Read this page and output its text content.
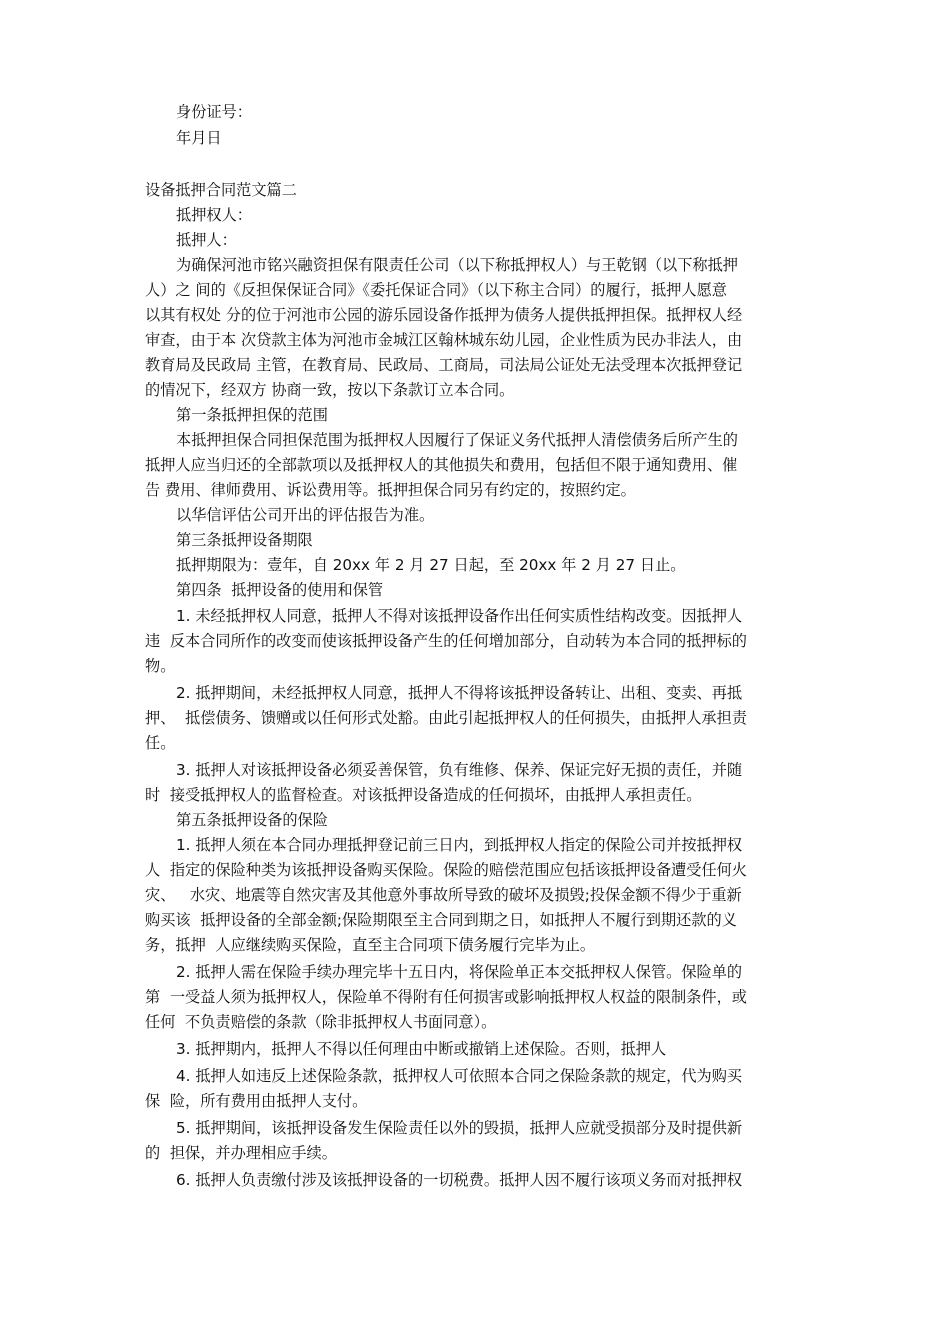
身份证号：
年月日
设备抵押合同范文篇二
抵押权人：
抵押人：
为确保河池市铭兴融资担保有限责任公司（以下称抵押权人）与王乾钢（以下称抵押
人）之 间的《反担保保证合同》《委托保证合同》（以下称主合同）的履行，抵押人愿意
以其有权处 分的位于河池市公园的游乐园设备作抵押为债务人提供抵押担保。抵押权人经
审查，由于本 次贷款主体为河池市金城江区翰林城东幼儿园，企业性质为民办非法人，由
教育局及民政局 主管，在教育局、民政局、工商局，司法局公证处无法受理本次抵押登记
的情况下，经双方 协商一致，按以下条款订立本合同。
第一条抵押担保的范围
本抵押担保合同担保范围为抵押权人因履行了保证义务代抵押人清偿债务后所产生的
抵押人应当归还的全部款项以及抵押权人的其他损失和费用，包括但不限于通知费用、催
告 费用、律师费用、诉讼费用等。抵押担保合同另有约定的，按照约定。
以华信评估公司开出的评估报告为准。
第三条抵押设备期限
抵押期限为：壹年，自 20xx 年 2 月 27 日起，至 20xx 年 2 月 27 日止。
第四条  抵押设备的使用和保管
1. 未经抵押权人同意，抵押人不得对该抵押设备作出任何实质性结构改变。因抵押人
违  反本合同所作的改变而使该抵押设备产生的任何增加部分，自动转为本合同的抵押标的
物。
2. 抵押期间，未经抵押权人同意，抵押人不得将该抵押设备转让、出租、变卖、再抵
押、  抵偿债务、馈赠或以任何形式处豁。由此引起抵押权人的任何损失，由抵押人承担责
任。
3. 抵押人对该抵押设备必须妥善保管，负有维修、保养、保证完好无损的责任，并随
时  接受抵押权人的监督检查。对该抵押设备造成的任何损坏，由抵押人承担责任。
第五条抵押设备的保险
1. 抵押人须在本合同办理抵押登记前三日内，到抵押权人指定的保险公司并按抵押权
人  指定的保险种类为该抵押设备购买保险。保险的赔偿范围应包括该抵押设备遭受任何火
灾、   水灾、地震等自然灾害及其他意外事故所导致的破坏及损毁;投保金额不得少于重新
购买该  抵押设备的全部金额;保险期限至主合同到期之日，如抵押人不履行到期还款的义
务，抵押  人应继续购买保险，直至主合同项下债务履行完毕为止。
2. 抵押人需在保险手续办理完毕十五日内，将保险单正本交抵押权人保管。保险单的
第  一受益人须为抵押权人，保险单不得附有任何损害或影响抵押权人权益的限制条件，或
任何  不负责赔偿的条款（除非抵押权人书面同意）。
3. 抵押期内，抵押人不得以任何理由中断或撤销上述保险。否则，抵押人
4. 抵押人如违反上述保险条款，抵押权人可依照本合同之保险条款的规定，代为购买
保  险，所有费用由抵押人支付。
5. 抵押期间，该抵押设备发生保险责任以外的毁损，抵押人应就受损部分及时提供新
的  担保，并办理相应手续。
6. 抵押人负责缴付涉及该抵押设备的一切税费。抵押人因不履行该项义务而对抵押权
